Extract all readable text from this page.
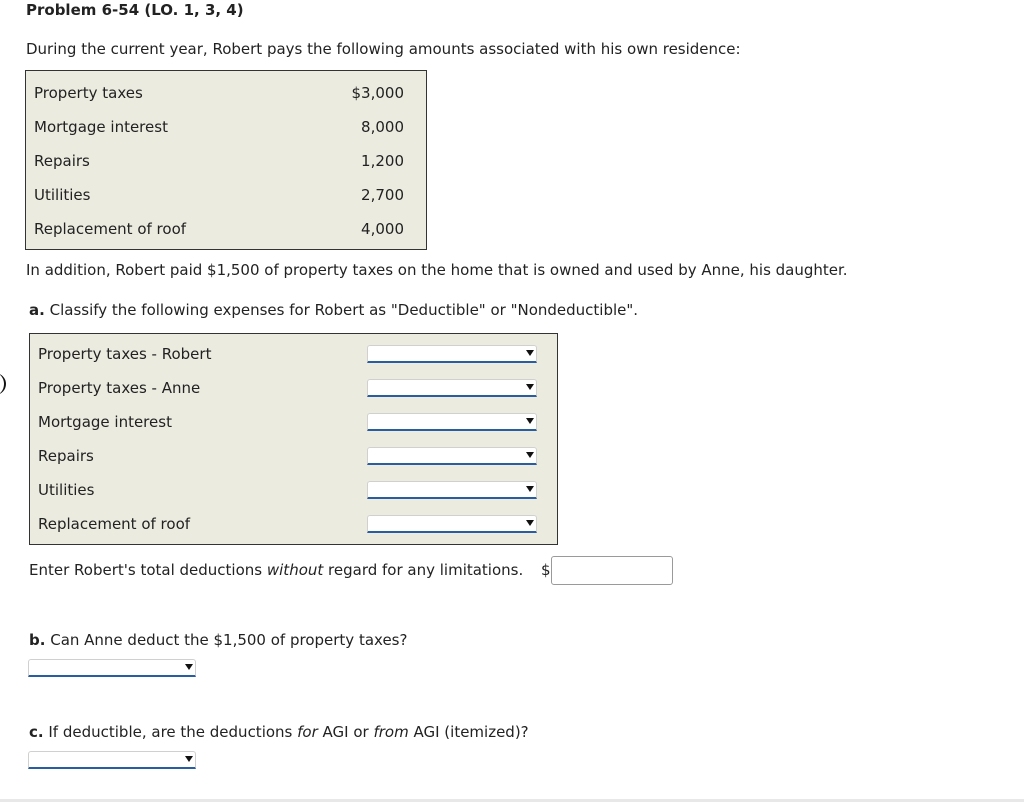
Problem 6-54 (LO. 1, 3, 4)
During the current year, Robert pays the following amounts associated with his own residence:
Property taxes	$3,000
Mortgage interest	8,000
Repairs	1,200
Utilities	2,700
Replacement of roof	4,000
In addition, Robert paid $1,500 of property taxes on the home that is owned and used by Anne, his daughter.
a. Classify the following expenses for Robert as "Deductible" or "Nondeductible".
Property taxes - Robert
Property taxes - Anne
Mortgage interest
Repairs
Utilities
Replacement of roof
Enter Robert's total deductions without regard for any limitations. $
b. Can Anne deduct the $1,500 of property taxes?
c. If deductible, are the deductions for AGI or from AGI (itemized)?
